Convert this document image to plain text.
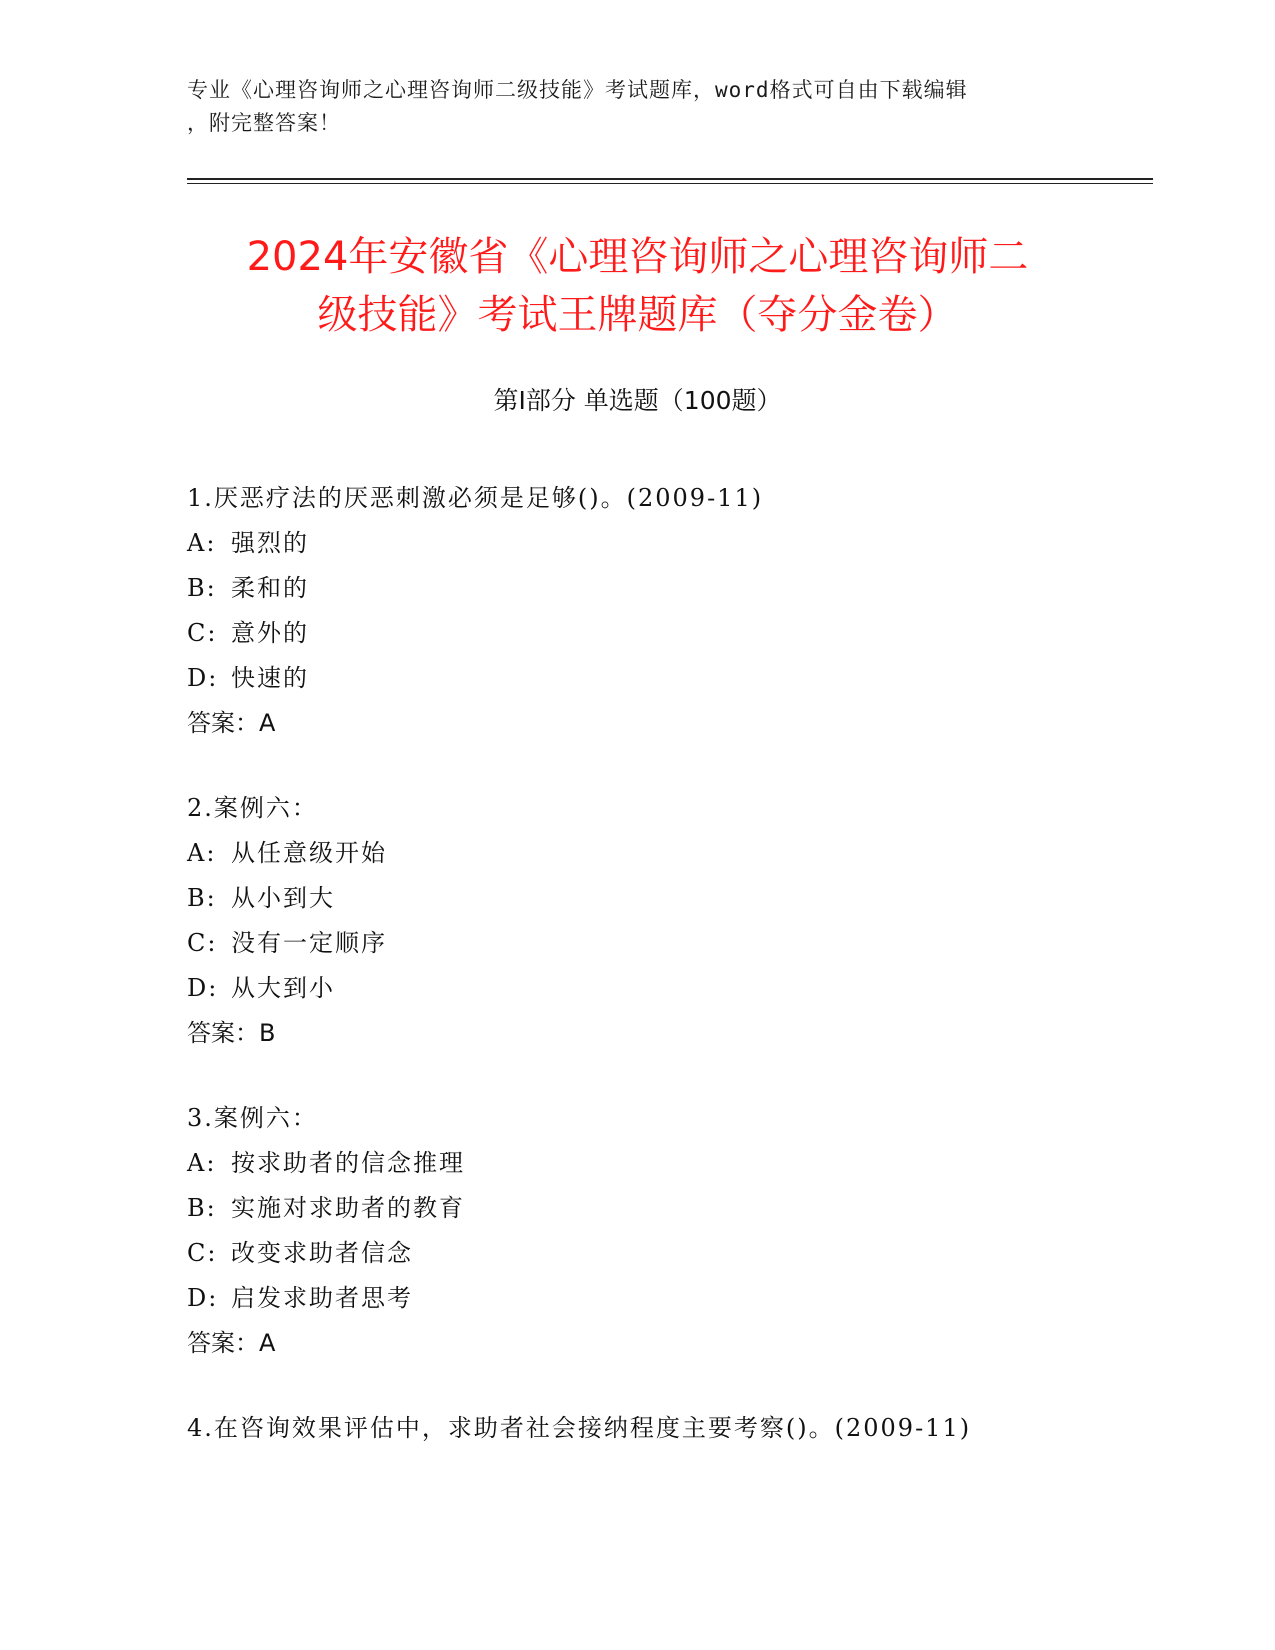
专业《心理咨询师之心理咨询师二级技能》考试题库，word格式可自由下载编辑
，附完整答案！
2024年安徽省《心理咨询师之心理咨询师二
级技能》考试王牌题库（夺分金卷）
第Ⅰ部分 单选题（100题）
1.厌恶疗法的厌恶刺激必须是足够()。(2009-11)
A: 强烈的
B: 柔和的
C: 意外的
D: 快速的
答案：A
2.案例六：
A: 从任意级开始
B: 从小到大
C: 没有一定顺序
D: 从大到小
答案：B
3.案例六：
A: 按求助者的信念推理
B: 实施对求助者的教育
C: 改变求助者信念
D: 启发求助者思考
答案：A
4.在咨询效果评估中，求助者社会接纳程度主要考察()。(2009-11)
